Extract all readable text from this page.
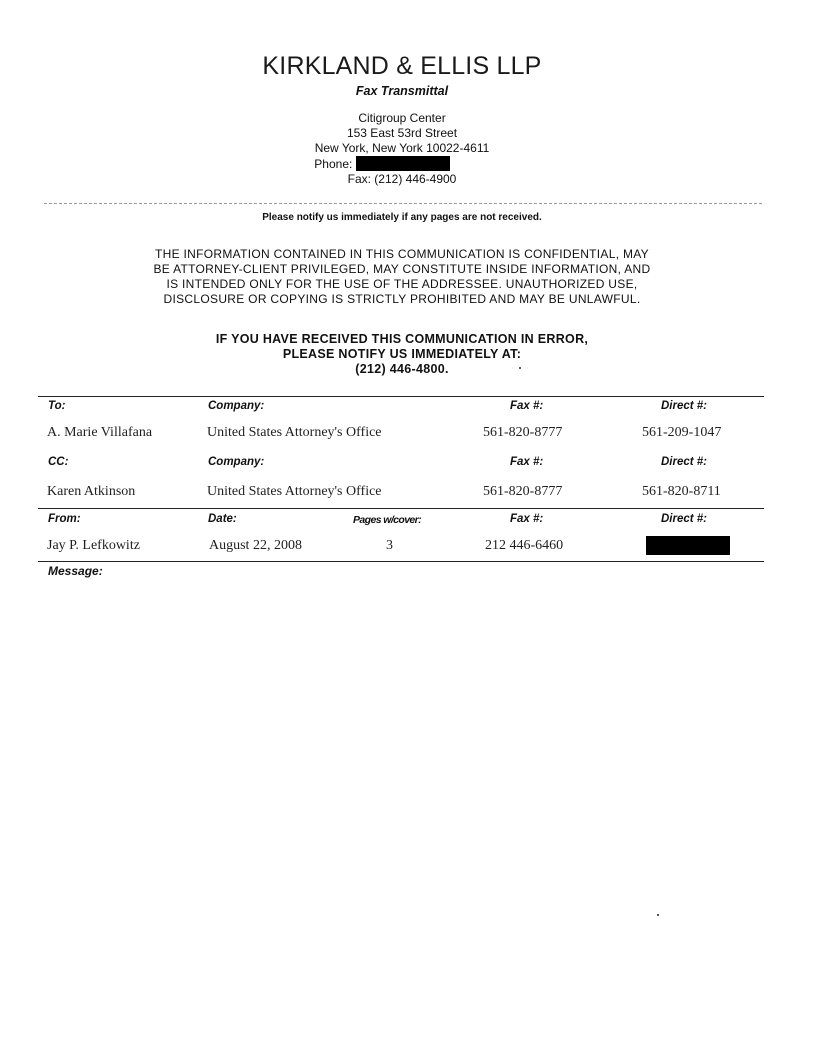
KIRKLAND & ELLIS LLP
Fax Transmittal
Citigroup Center
153 East 53rd Street
New York, New York 10022-4611
Phone:
Fax: (212) 446-4900
Please notify us immediately if any pages are not received.
THE INFORMATION CONTAINED IN THIS COMMUNICATION IS CONFIDENTIAL, MAY
BE ATTORNEY-CLIENT PRIVILEGED, MAY CONSTITUTE INSIDE INFORMATION, AND
IS INTENDED ONLY FOR THE USE OF THE ADDRESSEE. UNAUTHORIZED USE,
DISCLOSURE OR COPYING IS STRICTLY PROHIBITED AND MAY BE UNLAWFUL.
IF YOU HAVE RECEIVED THIS COMMUNICATION IN ERROR,
PLEASE NOTIFY US IMMEDIATELY AT:
(212) 446-4800.
To:	Company:	Fax #:	Direct #:
A. Marie Villafana	United States Attorney's Office	561-820-8777	561-209-1047
CC:	Company:	Fax #:	Direct #:
Karen Atkinson	United States Attorney's Office	561-820-8777	561-820-8711
From:	Date:	Pages w/cover:	Fax #:	Direct #:
Jay P. Lefkowitz	August 22, 2008	3	212 446-6460
Message:
